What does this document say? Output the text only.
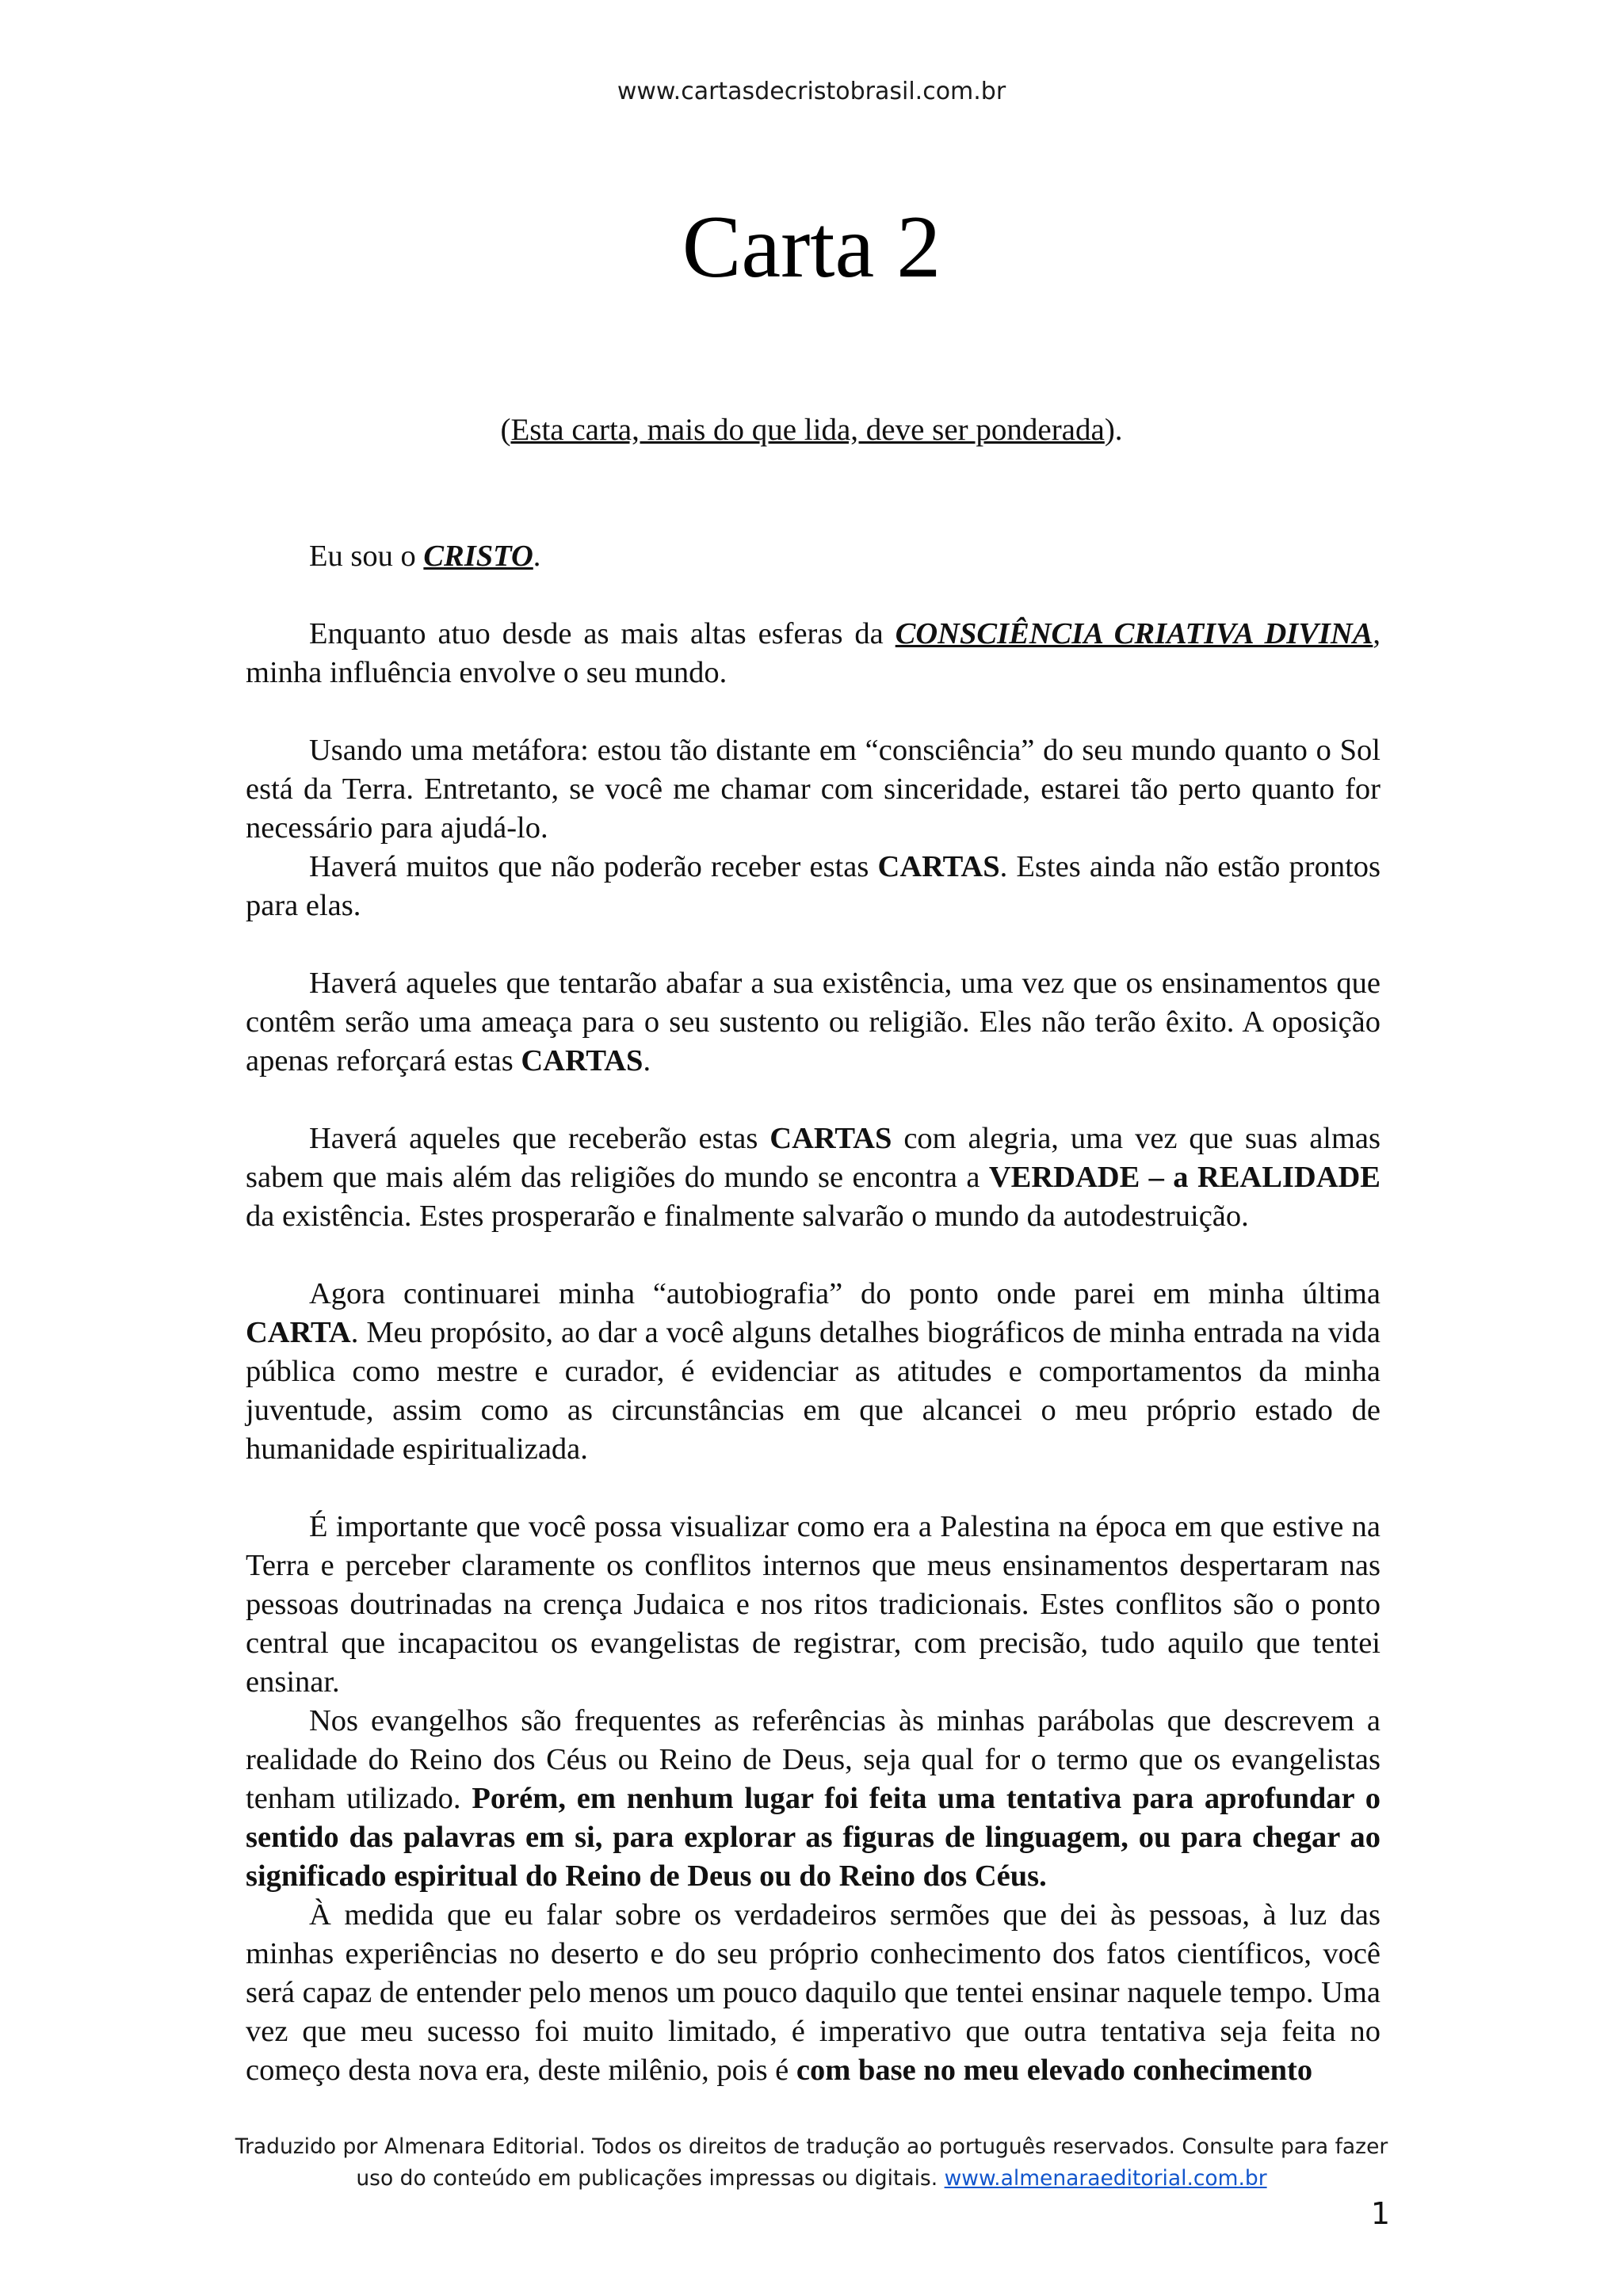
www.cartasdecristobrasil.com.br
Carta 2
(Esta carta, mais do que lida, deve ser ponderada).

Eu sou o CRISTO.

Enquanto atuo desde as mais altas esferas da CONSCIÊNCIA CRIATIVA DIVINA, minha influência envolve o seu mundo.

Usando uma metáfora: estou tão distante em “consciência” do seu mundo quanto o Sol está da Terra. Entretanto, se você me chamar com sinceridade, estarei tão perto quanto for necessário para ajudá-lo.

Haverá muitos que não poderão receber estas CARTAS. Estes ainda não estão prontos para elas.

Haverá aqueles que tentarão abafar a sua existência, uma vez que os ensinamentos que contêm serão uma ameaça para o seu sustento ou religião. Eles não terão êxito. A oposição apenas reforçará estas CARTAS.

Haverá aqueles que receberão estas CARTAS com alegria, uma vez que suas almas sabem que mais além das religiões do mundo se encontra a VERDADE – a REALIDADE da existência. Estes prosperarão e finalmente salvarão o mundo da autodestruição.

Agora continuarei minha “autobiografia” do ponto onde parei em minha última CARTA. Meu propósito, ao dar a você alguns detalhes biográficos de minha entrada na vida pública como mestre e curador, é evidenciar as atitudes e comportamentos da minha juventude, assim como as circunstâncias em que alcancei o meu próprio estado de humanidade espiritualizada.

É importante que você possa visualizar como era a Palestina na época em que estive na Terra e perceber claramente os conflitos internos que meus ensinamentos despertaram nas pessoas doutrinadas na crença Judaica e nos ritos tradicionais. Estes conflitos são o ponto central que incapacitou os evangelistas de registrar, com precisão, tudo aquilo que tentei ensinar.

Nos evangelhos são frequentes as referências às minhas parábolas que descrevem a realidade do Reino dos Céus ou Reino de Deus, seja qual for o termo que os evangelistas tenham utilizado. Porém, em nenhum lugar foi feita uma tentativa para aprofundar o sentido das palavras em si, para explorar as figuras de linguagem, ou para chegar ao significado espiritual do Reino de Deus ou do Reino dos Céus.

À medida que eu falar sobre os verdadeiros sermões que dei às pessoas, à luz das minhas experiências no deserto e do seu próprio conhecimento dos fatos científicos, você será capaz de entender pelo menos um pouco daquilo que tentei ensinar naquele tempo. Uma vez que meu sucesso foi muito limitado, é imperativo que outra tentativa seja feita no começo desta nova era, deste milênio, pois é com base no meu elevado conhecimento

Traduzido por Almenara Editorial. Todos os direitos de tradução ao português reservados. Consulte para fazer
uso do conteúdo em publicações impressas ou digitais. www.almenaraeditorial.com.br
1
